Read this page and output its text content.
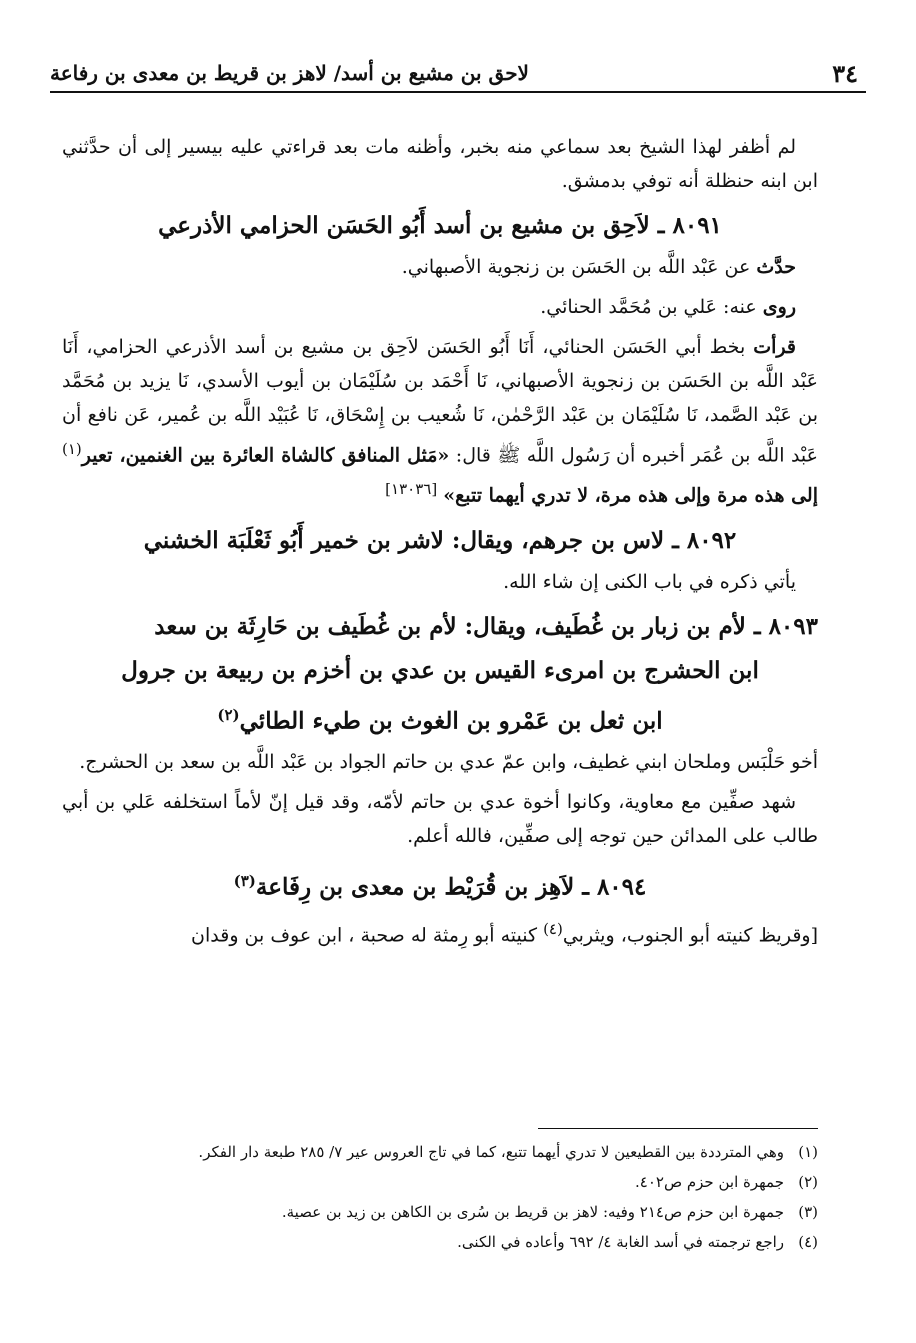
٣٤
لاحق بن مشيع بن أسد/ لاهز بن قريط بن معدى بن رفاعة

لم أظفر لهذا الشيخ بعد سماعي منه بخبر، وأظنه مات بعد قراءتي عليه بيسير إلى أن حدَّثني ابن ابنه حنظلة أنه توفي بدمشق.

٨٠٩١ ـ لاَحِق بن مشيع بن أسد أَبُو الحَسَن الحزامي الأذرعي

حدَّث عن عَبْد اللَّه بن الحَسَن بن زنجوية الأصبهاني.

روى عنه: عَلي بن مُحَمَّد الحنائي.

قرأت بخط أبي الحَسَن الحنائي، أَنَا أَبُو الحَسَن لاَحِق بن مشيع بن أسد الأذرعي الحزامي، أَنَا عَبْد اللَّه بن الحَسَن بن زنجوية الأصبهاني، نَا أَحْمَد بن سُلَيْمَان بن أيوب الأسدي، نَا يزيد بن مُحَمَّد بن عَبْد الصَّمد، نَا سُلَيْمَان بن عَبْد الرَّحْمٰن، نَا شُعيب بن إِسْحَاق، نَا عُبَيْد اللَّه بن عُمير، عَن نافع أن عَبْد اللَّه بن عُمَر أخبره أن رَسُول اللَّه ﷺ قال: «مَثل المنافق كالشاة العائرة بين الغنمين، تعير$^{(١)}$ إلى هذه مرة وإلى هذه مرة، لا تدري أيهما تتبع» [١٣٠٣٦]

٨٠٩٢ ـ لاس بن جرهم، ويقال: لاشر بن خمير أَبُو ثَعْلَبَة الخشني

يأتي ذكره في باب الكنى إن شاء الله.

٨٠٩٣ ـ لأم بن زبار بن غُطَيف، ويقال: لأم بن غُطَيف بن حَارِثَة بن سعد
ابن الحشرج بن امرىء القيس بن عدي بن أخزم بن ربيعة بن جرول
ابن ثعل بن عَمْرو بن الغوث بن طيء الطائي$^{(٢)}$

أخو حَلْبَس وملحان ابني غطيف، وابن عمّ عدي بن حاتم الجواد بن عَبْد اللَّه بن سعد بن الحشرج.

شهد صفِّين مع معاوية، وكانوا أخوة عدي بن حاتم لأمّه، وقد قيل إنّ لأماً استخلفه عَلي بن أبي طالب على المدائن حين توجه إلى صفِّين، فالله أعلم.

٨٠٩٤ ـ لاَهِز بن قُرَيْط بن معدى بن رِفَاعة$^{(٣)}$

[وقريظ كنيته أبو الجنوب، ويثربي$^{(٤)}$ كنيته أبو رِمثة له صحبة ، ابن عوف بن وقدان

(١)
وهي المترددة بين القطيعين لا تدري أيهما تتبع، كما في تاج العروس عير ٧/ ٢٨٥ طبعة دار الفكر.
(٢)
جمهرة ابن حزم ص٤٠٢.
(٣)
جمهرة ابن حزم ص٢١٤ وفيه: لاهز بن قريط بن سُرى بن الكاهن بن زيد بن عصية.
(٤)
راجع ترجمته في أسد الغابة ٤/ ٦٩٢ وأعاده في الكنى.
